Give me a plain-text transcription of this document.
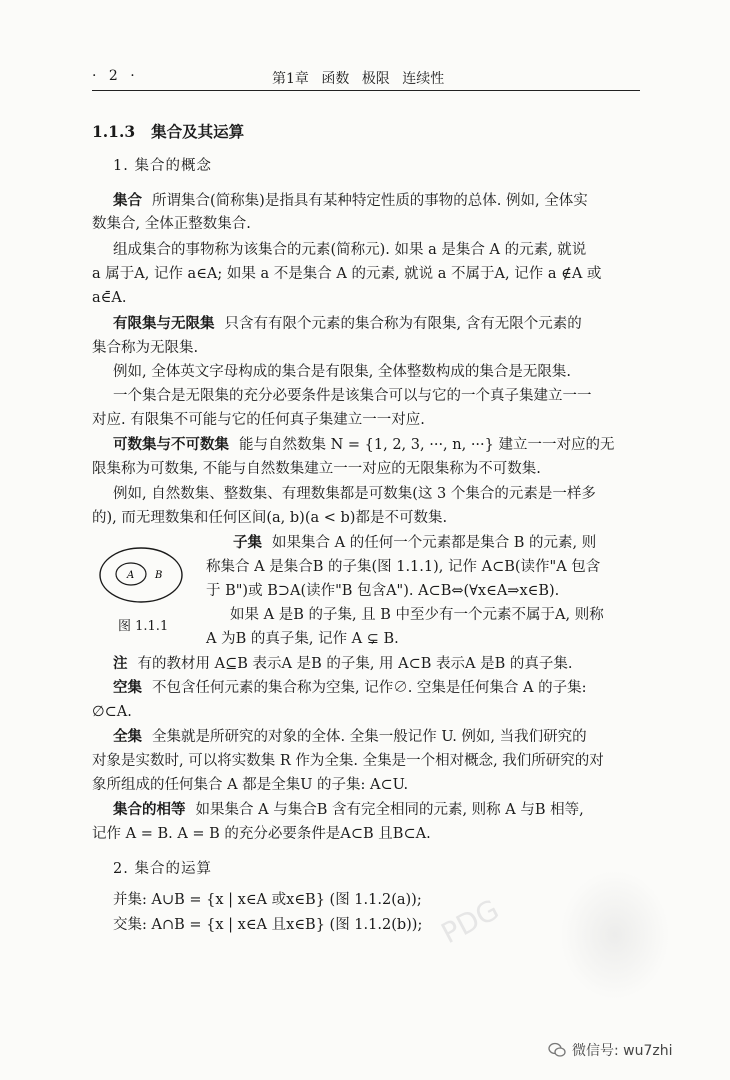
· 2 ·	第1章 函数 极限 连续性
1.1.3 集合及其运算
1. 集合的概念
集合 所谓集合(简称集)是指具有某种特定性质的事物的总体. 例如, 全体实
数集合, 全体正整数集合.
组成集合的事物称为该集合的元素(简称元). 如果 a 是集合 A 的元素, 就说
a 属于A, 记作 a∈A; 如果 a 不是集合 A 的元素, 就说 a 不属于A, 记作 a ∉A 或
a∈̄A.
有限集与无限集 只含有有限个元素的集合称为有限集, 含有无限个元素的
集合称为无限集.
例如, 全体英文字母构成的集合是有限集, 全体整数构成的集合是无限集.
一个集合是无限集的充分必要条件是该集合可以与它的一个真子集建立一一
对应. 有限集不可能与它的任何真子集建立一一对应.
可数集与不可数集 能与自然数集 N = {1, 2, 3, ···, n, ···} 建立一一对应的无
限集称为可数集, 不能与自然数集建立一一对应的无限集称为不可数集.
例如, 自然数集、整数集、有理数集都是可数集(这 3 个集合的元素是一样多
的), 而无理数集和任何区间(a, b)(a < b)都是不可数集.
A B
图 1.1.1
子集 如果集合 A 的任何一个元素都是集合 B 的元素, 则
称集合 A 是集合B 的子集(图 1.1.1), 记作 A⊂B(读作"A 包含
于 B")或 B⊃A(读作"B 包含A"). A⊂B⇔(∀x∈A⇒x∈B).
如果 A 是B 的子集, 且 B 中至少有一个元素不属于A, 则称
A 为B 的真子集, 记作 A ⊊ B.
注 有的教材用 A⊆B 表示A 是B 的子集, 用 A⊂B 表示A 是B 的真子集.
空集 不包含任何元素的集合称为空集, 记作∅. 空集是任何集合 A 的子集:
∅⊂A.
全集 全集就是所研究的对象的全体. 全集一般记作 U. 例如, 当我们研究的
对象是实数时, 可以将实数集 R 作为全集. 全集是一个相对概念, 我们所研究的对
象所组成的任何集合 A 都是全集U 的子集: A⊂U.
集合的相等 如果集合 A 与集合B 含有完全相同的元素, 则称 A 与B 相等,
记作 A = B. A = B 的充分必要条件是A⊂B 且B⊂A.
2. 集合的运算
并集: A∪B = {x | x∈A 或x∈B} (图 1.1.2(a));
交集: A∩B = {x | x∈A 且x∈B} (图 1.1.2(b)); PDG
微信号: wu7zhi
